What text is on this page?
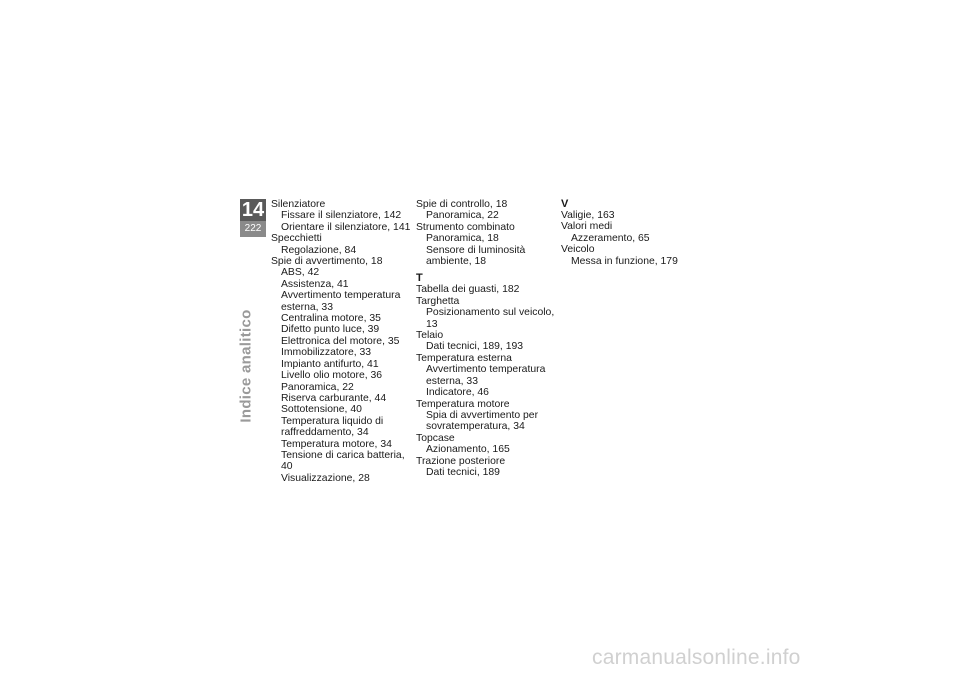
14
222
Indice analitico
Silenziatore
Fissare il silenziatore, 142
Orientare il silenziatore, 141
Specchietti
Regolazione, 84
Spie di avvertimento, 18
ABS, 42
Assistenza, 41
Avvertimento temperatura
esterna, 33
Centralina motore, 35
Difetto punto luce, 39
Elettronica del motore, 35
Immobilizzatore, 33
Impianto antifurto, 41
Livello olio motore, 36
Panoramica, 22
Riserva carburante, 44
Sottotensione, 40
Temperatura liquido di
raffreddamento, 34
Temperatura motore, 34
Tensione di carica batteria, 40
Visualizzazione, 28
Spie di controllo, 18
Panoramica, 22
Strumento combinato
Panoramica, 18
Sensore di luminosità
ambiente, 18
T
Tabella dei guasti, 182
Targhetta
Posizionamento sul veicolo, 13
Telaio
Dati tecnici, 189, 193
Temperatura esterna
Avvertimento temperatura
esterna, 33
Indicatore, 46
Temperatura motore
Spia di avvertimento per
sovratemperatura, 34
Topcase
Azionamento, 165
Trazione posteriore
Dati tecnici, 189
V
Valigie, 163
Valori medi
Azzeramento, 65
Veicolo
Messa in funzione, 179
carmanualsonline.info
